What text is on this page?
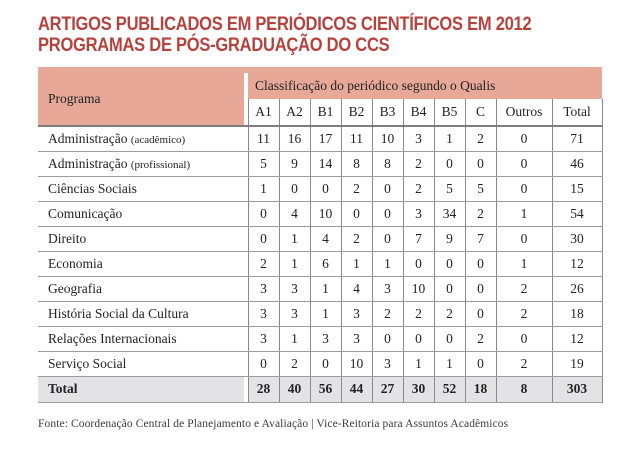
ARTIGOS PUBLICADOS EM PERIÓDICOS CIENTÍFICOS EM 2012
PROGRAMAS DE PÓS-GRADUAÇÃO DO CCS

Programa		Classificação do periódico segundo o Qualis									
		A1	A2	B1	B2	B3	B4	B5	C	Outros	Total
Administração (acadêmico)		11	16	17	11	10	3	1	2	0	71
Administração (profissional)		5	9	14	8	8	2	0	0	0	46
Ciências Sociais		1	0	0	2	0	2	5	5	0	15
Comunicação		0	4	10	0	0	3	34	2	1	54
Direito		0	1	4	2	0	7	9	7	0	30
Economia		2	1	6	1	1	0	0	0	1	12
Geografia		3	3	1	4	3	10	0	0	2	26
História Social da Cultura		3	3	1	3	2	2	2	0	2	18
Relações Internacionais		3	1	3	3	0	0	0	2	0	12
Serviço Social		0	2	0	10	3	1	1	0	2	19
Total		28	40	56	44	27	30	52	18	8	303

Fonte: Coordenação Central de Planejamento e Avaliação | Vice-Reitoria para Assuntos Acadêmicos
